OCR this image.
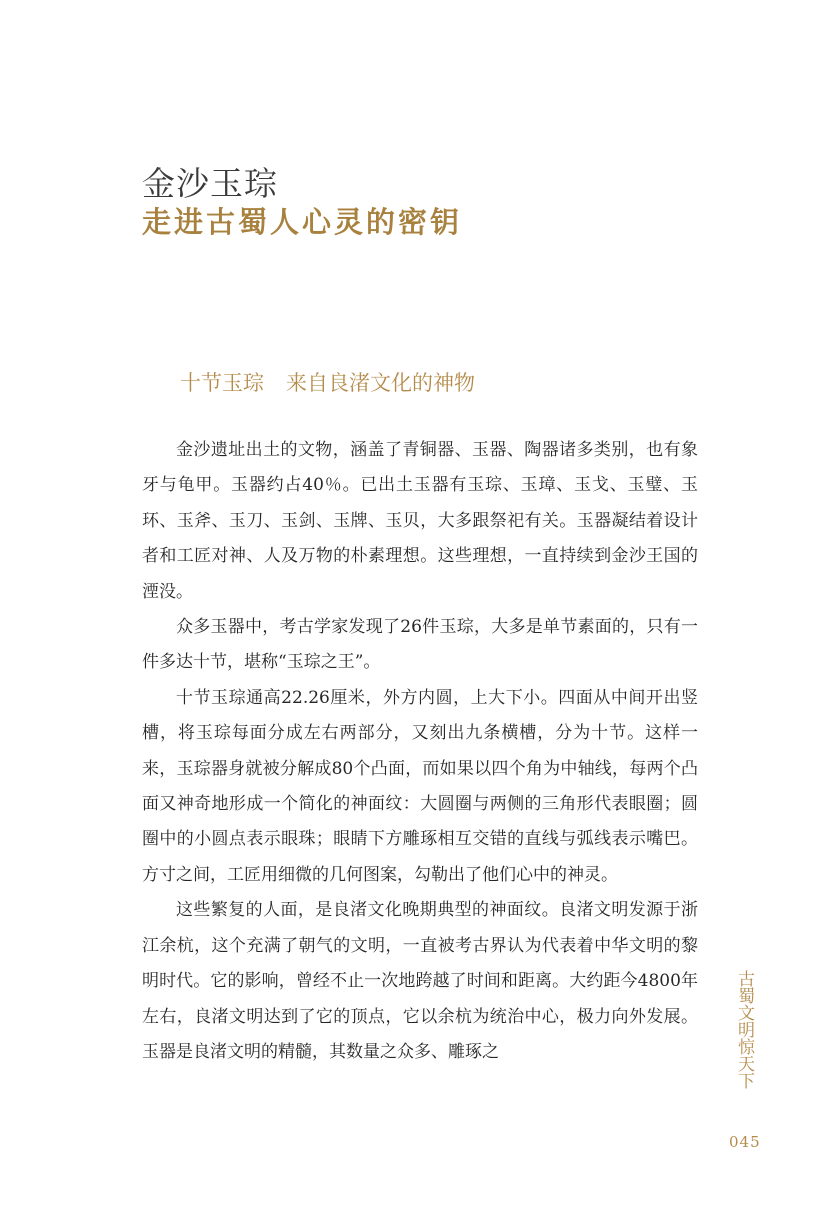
金沙玉琮
走进古蜀人心灵的密钥
十节玉琮 来自良渚文化的神物

金沙遗址出土的文物，涵盖了青铜器、玉器、陶器诸多类别，也有象牙与龟甲。玉器约占40％。已出土玉器有玉琮、玉璋、玉戈、玉璧、玉环、玉斧、玉刀、玉剑、玉牌、玉贝，大多跟祭祀有关。玉器凝结着设计者和工匠对神、人及万物的朴素理想。这些理想，一直持续到金沙王国的湮没。

众多玉器中，考古学家发现了26件玉琮，大多是单节素面的，只有一件多达十节，堪称“玉琮之王”。

十节玉琮通高22.26厘米，外方内圆，上大下小。四面从中间开出竖槽，将玉琮每面分成左右两部分，又刻出九条横槽，分为十节。这样一来，玉琮器身就被分解成80个凸面，而如果以四个角为中轴线，每两个凸面又神奇地形成一个简化的神面纹：大圆圈与两侧的三角形代表眼圈；圆圈中的小圆点表示眼珠；眼睛下方雕琢相互交错的直线与弧线表示嘴巴。方寸之间，工匠用细微的几何图案，勾勒出了他们心中的神灵。

这些繁复的人面，是良渚文化晚期典型的神面纹。良渚文明发源于浙江余杭，这个充满了朝气的文明，一直被考古界认为代表着中华文明的黎明时代。它的影响，曾经不止一次地跨越了时间和距离。大约距今4800年左右，良渚文明达到了它的顶点，它以余杭为统治中心，极力向外发展。玉器是良渚文明的精髓，其数量之众多、雕琢之	古蜀文明惊天下
045
